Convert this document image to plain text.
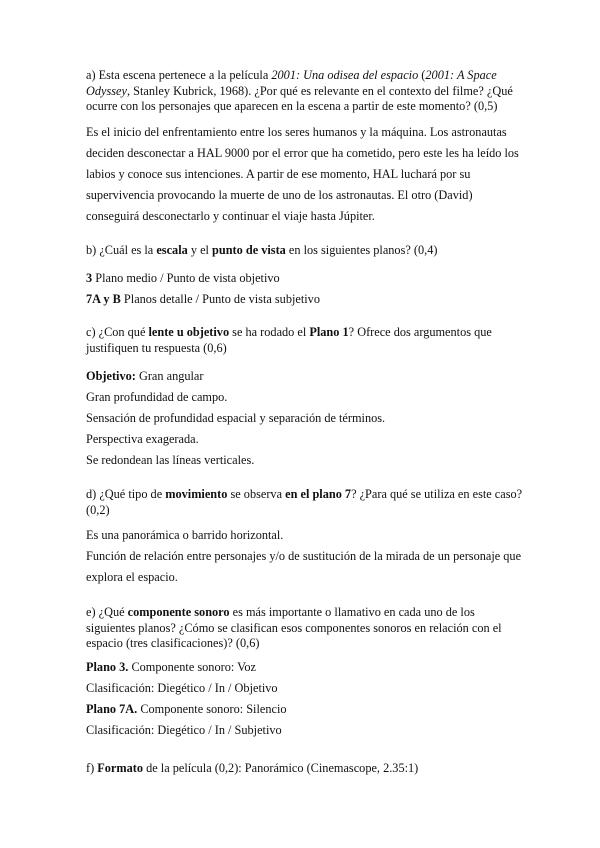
a) Esta escena pertenece a la película 2001: Una odisea del espacio (2001: A Space Odyssey, Stanley Kubrick, 1968). ¿Por qué es relevante en el contexto del filme? ¿Qué ocurre con los personajes que aparecen en la escena a partir de este momento? (0,5)

Es el inicio del enfrentamiento entre los seres humanos y la máquina. Los astronautas

deciden desconectar a HAL 9000 por el error que ha cometido, pero este les ha leído los

labios y conoce sus intenciones. A partir de ese momento, HAL luchará por su

supervivencia provocando la muerte de uno de los astronautas. El otro (David)

conseguirá desconectarlo y continuar el viaje hasta Júpiter.

b) ¿Cuál es la escala y el punto de vista en los siguientes planos? (0,4)

3 Plano medio / Punto de vista objetivo

7A y B Planos detalle / Punto de vista subjetivo

c) ¿Con qué lente u objetivo se ha rodado el Plano 1? Ofrece dos argumentos que justifiquen tu respuesta (0,6)

Objetivo: Gran angular

Gran profundidad de campo.

Sensación de profundidad espacial y separación de términos.

Perspectiva exagerada.

Se redondean las líneas verticales.

d) ¿Qué tipo de movimiento se observa en el plano 7? ¿Para qué se utiliza en este caso? (0,2)

Es una panorámica o barrido horizontal.

Función de relación entre personajes y/o de sustitución de la mirada de un personaje que

explora el espacio.

e) ¿Qué componente sonoro es más importante o llamativo en cada uno de los siguientes planos? ¿Cómo se clasifican esos componentes sonoros en relación con el espacio (tres clasificaciones)? (0,6)

Plano 3. Componente sonoro: Voz

Clasificación: Diegético / In / Objetivo

Plano 7A. Componente sonoro: Silencio

Clasificación: Diegético / In / Subjetivo

f) Formato de la película (0,2): Panorámico (Cinemascope, 2.35:1)
